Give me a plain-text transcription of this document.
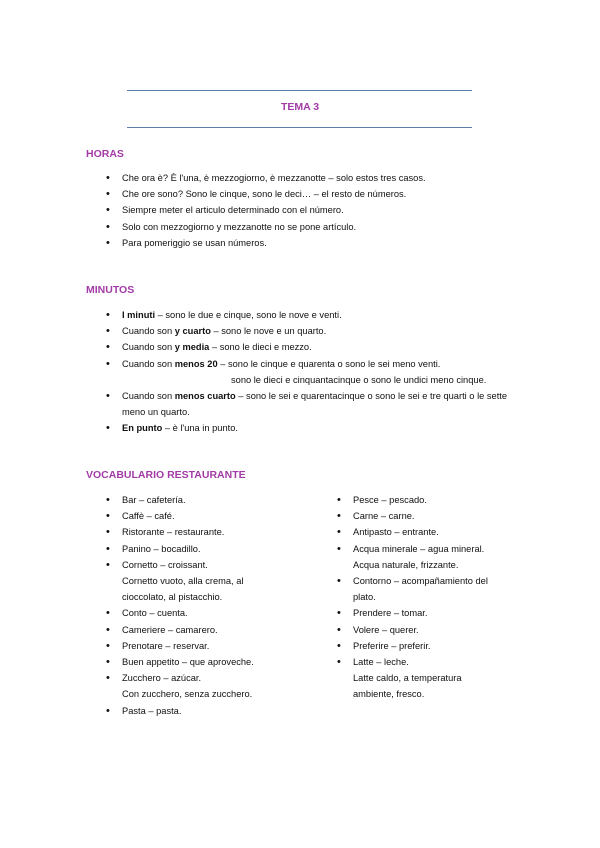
TEMA 3
HORAS
• Che ora è? È l'una, è mezzogiorno, è mezzanotte – solo estos tres casos.
• Che ore sono? Sono le cinque, sono le deci… – el resto de números.
• Siempre meter el articulo determinado con el número.
• Solo con mezzogiorno y mezzanotte no se pone artículo.
• Para pomeriggio se usan números.
MINUTOS
• I minuti – sono le due e cinque, sono le nove e venti.
• Cuando son y cuarto – sono le nove e un quarto.
• Cuando son y media – sono le dieci e mezzo.
• Cuando son menos 20 – sono le cinque e quarenta o sono le sei meno venti.
sono le dieci e cinquantacinque o sono le undici meno cinque.
• Cuando son menos cuarto – sono le sei e quarentacinque o sono le sei e tre quarti o le sette meno un quarto.
• En punto – è l'una in punto.
VOCABULARIO RESTAURANTE
• Bar – cafetería.
• Caffè – café.
• Ristorante – restaurante.
• Panino – bocadillo.
• Cornetto – croissant.
Cornetto vuoto, alla crema, al
cioccolato, al pistacchio.
• Conto – cuenta.
• Cameriere – camarero.
• Prenotare – reservar.
• Buen appetito – que aproveche.
• Zucchero – azúcar.
Con zucchero, senza zucchero.
• Pasta – pasta.
• Pesce – pescado.
• Carne – carne.
• Antipasto – entrante.
• Acqua minerale – agua mineral.
Acqua naturale, frizzante.
• Contorno – acompañamiento del
plato.
• Prendere – tomar.
• Volere – querer.
• Preferire – preferir.
• Latte – leche.
Latte caldo, a temperatura
ambiente, fresco.
